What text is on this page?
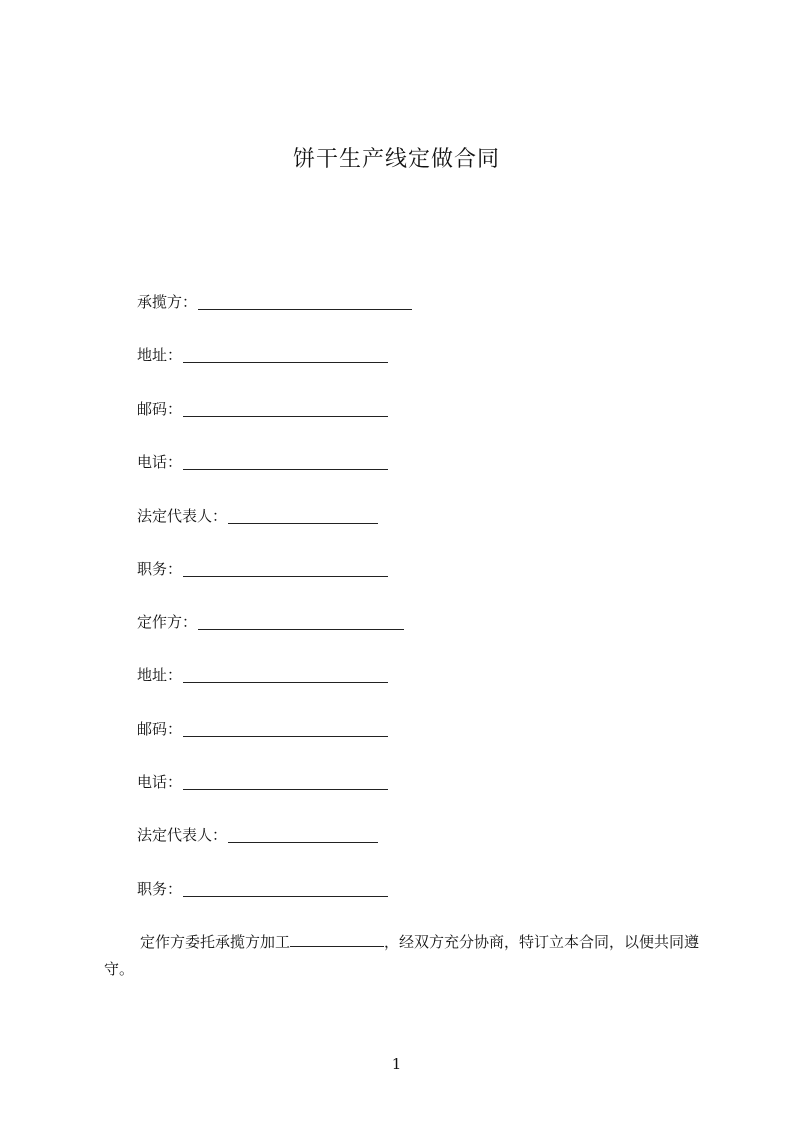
饼干生产线定做合同
承揽方：
地址：
邮码：
电话：
法定代表人：
职务：
定作方：
地址：
邮码：
电话：
法定代表人：
职务：
定作方委托承揽方加工	，经双方充分协商，特订立本合同，以便共同遵守。
1
